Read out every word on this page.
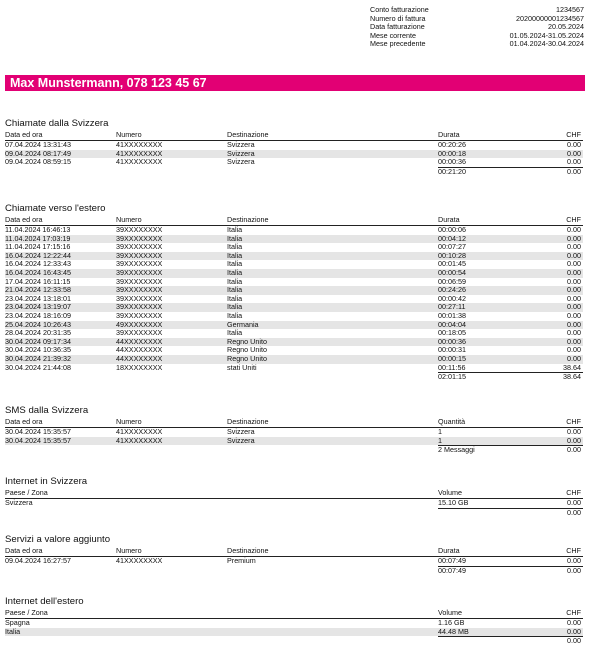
Conto fatturazione	1234567
Numero di fattura	20200000001234567
Data fatturazione	20.05.2024
Mese corrente	01.05.2024-31.05.2024
Mese precedente	01.04.2024-30.04.2024
Max Munstermann, 078 123 45 67
Chiamate dalla Svizzera
Data ed ora	Numero	Destinazione	Durata	CHF
07.04.2024 13:31:43	41XXXXXXXX	Svizzera	00:20:26	0.00
09.04.2024 08:17:49	41XXXXXXXX	Svizzera	00:00:18	0.00
09.04.2024 08:59:15	41XXXXXXXX	Svizzera	00:00:36	0.00
00:21:20	0.00
Chiamate verso l'estero
Data ed ora	Numero	Destinazione	Durata	CHF
11.04.2024 16:46:13	39XXXXXXXX	Italia	00:00:06	0.00
11.04.2024 17:03:19	39XXXXXXXX	Italia	00:04:12	0.00
11.04.2024 17:15:16	39XXXXXXXX	Italia	00:07:27	0.00
16.04.2024 12:22:44	39XXXXXXXX	Italia	00:10:28	0.00
16.04.2024 12:33:43	39XXXXXXXX	Italia	00:01:45	0.00
16.04.2024 16:43:45	39XXXXXXXX	Italia	00:00:54	0.00
17.04.2024 16:11:15	39XXXXXXXX	Italia	00:06:59	0.00
21.04.2024 12:33:58	39XXXXXXXX	Italia	00:24:26	0.00
23.04.2024 13:18:01	39XXXXXXXX	Italia	00:00:42	0.00
23.04.2024 13:19:07	39XXXXXXXX	Italia	00:27:11	0.00
23.04.2024 18:16:09	39XXXXXXXX	Italia	00:01:38	0.00
25.04.2024 10:26:43	49XXXXXXXX	Germania	00:04:04	0.00
28.04.2024 20:31:35	39XXXXXXXX	Italia	00:18:05	0.00
30.04.2024 09:17:34	44XXXXXXXX	Regno Unito	00:00:36	0.00
30.04.2024 10:36:35	44XXXXXXXX	Regno Unito	00:00:31	0.00
30.04.2024 21:39:32	44XXXXXXXX	Regno Unito	00:00:15	0.00
30.04.2024 21:44:08	18XXXXXXXX	stati Uniti	00:11:56	38.64
02:01:15	38.64
SMS dalla Svizzera
Data ed ora	Numero	Destinazione	Quantità	CHF
30.04.2024 15:35:57	41XXXXXXXX	Svizzera	1	0.00
30.04.2024 15:35:57	41XXXXXXXX	Svizzera	1	0.00
2 Messaggi	0.00
Internet in Svizzera
Paese / Zona	Volume	CHF
Svizzera	15.10 GB	0.00
0.00
Servizi a valore aggiunto
Data ed ora	Numero	Destinazione	Durata	CHF
09.04.2024 16:27:57	41XXXXXXXX	Premium	00:07:49	0.00
00:07:49	0.00
Internet dell'estero
Paese / Zona	Volume	CHF
Spagna	1.16 GB	0.00
Italia	44.48 MB	0.00
0.00
